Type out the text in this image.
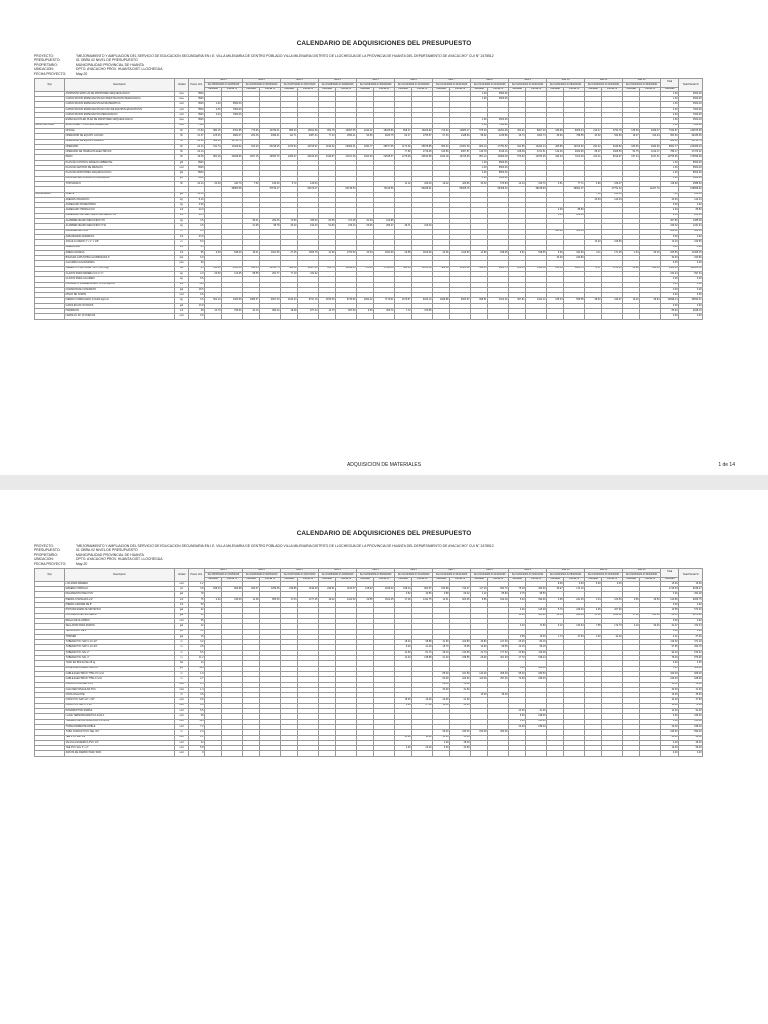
CALENDARIO DE ADQUISICIONES DEL PRESUPUESTO
PROYECTO:	"MEJORAMIENTO Y AMPLIACION DEL SERVICIO DE EDUCACION SECUNDARIA EN I.E. VILLA MILENARIA DE CENTRO POBLADO VILLA MILENARIA DISTRITO DE LLOCHEGUA DE LA PROVINCIA DE HUANTA DEL DEPARTAMENTO DE AYACUCHO" CUI N° 2478512
PRESUPUESTO:	01 OBRA 02 NIVEL DE PRESUPUESTO
PROPIETARIO:	MUNICIPALIDAD PROVINCIAL DE HUANTA
UBICACION:	DPTO. AYACUCHO PROV. HUANTA DIST. LLOCHEGUA
FECHA PROYECTO:	May-20
Tipo	Descripcion	Unidad	Precio Unit.	Mes 1		Mes 2		Mes 3		Mes 4		Mes 5		Mes 6		Mes 7		Mes 8		Mes 9		Mes 10		Mes 11		Mes 12		Total	Total Parcial S/
				Del 05/05/2020 Al 31/05/2020		Del 01/06/2020 Al 30/06/2020		Del 01/07/2020 Al 31/07/2020		Del 01/08/2020 Al 31/08/2020		Del 01/09/2020 Al 30/09/2020		Del 01/10/2020 Al 31/10/2020		Del 01/11/2020 Al 30/11/2020		Del 01/12/2020 Al 31/12/2020		Del 01/01/2021 Al 31/01/2021		Del 01/02/2021 Al 28/02/2021		Del 01/03/2021 Al 31/03/2021		Del 01/04/2021 Al 30/04/2021			
				Cantidad	Parcial S/	Cantidad	Parcial S/	Cantidad	Parcial S/	Cantidad	Parcial S/	Cantidad	Parcial S/	Cantidad	Parcial S/	Cantidad	Parcial S/	Cantidad	Parcial S/	Cantidad	Parcial S/	Cantidad	Parcial S/	Cantidad	Parcial S/	Cantidad	Parcial S/	Cantidad	
	ASISTENTE SPATLUS DE MONITOREO ARQUEOLOGICO	mes	3500															1.00	3500.00									1.00	3500.00
	CAPACITACION ESPECIALISTA EN INVESTIGACION PEDAGOGICA	mes	3500															1.00	3500.00									1.00	3500.00
	CAPACITACION ESPECIALISTA EN MATEMATICA	und	3500	1.00	3500.00																							1.00	3500.00
	CAPACITACION ESPECIALISTA EN USO DE EQUIPOS EDUCATIVOS	und	3500	2.00	7000.00																							2.00	7000.00
	CAPACITACION ESPECIALISTA PEDAGOGICO	und	3500	2.00	7000.00																							2.00	7000.00
	ESPECIALISTA EN PLAN DE MONITOREO ARQUEOLOGICO	mes	3500															1.00	3500.00									1.00	3500.00
MANO DE OBRA	MONITOREO Y CONTROL AMBIENTAL	und	7500															1.00	7500.00									1.00	7500.00
	OFICIAL	hh	17.84	380.15	6781.85	772.96	13789.61	886.30	15811.59	952.78	16997.55	1010.42	18025.89	898.37	16026.92	710.94	12683.17	575.23	10261.99	452.21	8067.40	339.98	6065.24	210.47	3754.78	135.06	2409.47	7324.87	130675.68
	OPERADOR DE EQUIPO LIVIANO	hh	21.37	125.60	2684.07	204.46	4369.31	111.71	2387.24	77.23	1650.41	94.56	2020.75	82.17	1755.97	67.33	1438.84	58.02	1239.89	49.73	1062.73	36.90	788.55	24.52	523.99	19.37	413.94	951.60	20335.69
	OPERADOR DE EQUIPO PESADO	hh	28.18	382.00	10764.76																							382.00	10764.76
	OPERARIO	hh	22.14	511.74	11329.92	913.20	20218.25	1070.64	23703.97	1196.22	26484.31	1290.77	28577.65	1173.39	25978.85	960.34	21261.93	803.14	17781.52	641.56	14204.14	465.85	10313.92	291.32	6449.82	183.60	4064.90	9501.77	210369.19
	OPERARIO DE TRABAJOS ELECTRICOS	hh	22.14											77.52	1716.29	120.50	2667.87	149.78	3316.13	168.09	3721.51	132.46	2932.66	86.07	1905.59	54.75	1212.17	789.17	17472.22
	PEON	hh	16.05	682.18	10948.99	1187.15	19053.76	1286.27	20644.63	1346.87	21617.26	1404.69	22545.27	1279.98	20543.68	1042.18	16726.99	851.12	13660.48	670.62	10763.45	493.04	7913.29	312.21	5010.97	197.34	3167.31	10753.65	172596.08
	PLAN DE CONTROL MANEJO AMBIENTAL	glb	9500															1.00	9500.00									1.00	9500.00
	PLAN DE GESTION DE RIESGOS	und	6500															1.00	6500.00									1.00	6500.00
	PLAN DE MONITOREO ARQUEOLOGICO	glb	8500															1.00	8500.00									1.00	8500.00
	PLAN DE PARTICIPACION CIUDADANA	glb	3500															1.00	3500.00									1.00	3500.00
	TOPOGRAFO	hh	22.14	20.09	444.79	7.52	166.49	5.72	126.64					11.12	246.20	19.42	429.96	30.30	670.84	14.44	319.70	3.51	77.71	4.80	106.27			116.92	2588.60
					38083.58		37579.17		62673.07		66749.53		71169.56		66268.91		55208.76		95408.32		38138.93		28091.37		17751.42		11267.79		618859.92
MATERIALES	ACEITE	gal	14.30																					7.00	100.10			7.00	100.10
	ADEMAS ORGANICO	kg	5.10																					23.93	122.04			23.93	122.04
	AGREGADO PIGMENTADO	kg	4.90																									0.00	0.00
	AGREGADO HIDRAULICO	m3	42.9																			2.00	85.80					2.00	85.80
	AGREGADO PETREO LIMPIO DE CERRO 3/4"	m3	85.5																			2.35	200.93					2.35	200.93
	ALAMBRE NEGRO RECOCIDO N°8	kg	4.5			59.21	266.45	74.80	336.60	82.55	371.48	91.30	410.85															307.86	1385.38
	ALAMBRE NEGRO RECOCIDO N°16	kg	4.5			21.95	98.78	43.20	194.40	51.80	233.10	63.66	286.47	48.71	219.20													229.32	1031.94
	ALAMBRE DE PUAS	m	0.6																			600.00	360.00					600.00	360.00
	ALBAÑILERIA CERAMICA	m2	24.9																									0.00	0.00
	ANGULO ACERO 1" x 1" x 1/8"	m	8.3																					13.20	109.56			13.20	109.56
	ARENA FINA	m3	45																									0.00	0.00
	ARENA GRUESA	m3	55	9.60	528.00	18.21	1001.55	27.45	1509.75	31.90	1754.50	33.30	1831.50	29.58	1626.90	20.36	1119.80	14.89	818.95	9.61	528.55	5.90	324.50	3.11	171.05	1.64	90.20	205.55	11305.25
	BISAGRA CAPUCHINA ALUMINIZADA 4"	par	6.9																			32.00	220.80					32.00	220.80
	CALAMINA GALVANIZADA	pza	29																									0.00	0.00
	CEMENTO PORTLAND TIPO I (42.5 kg)	bls	25	158.20	3955.00	412.55	10313.75	584.30	14607.50	655.70	16392.50	701.86	17546.50	622.06	15551.50	460.04	11501.00	344.15	8603.75	222.26	5556.50	130.59	3264.75	71.37	1784.25	36.98	924.50	4400.06	110001.50
	CLAVOS PARA MADERA C/C 2"-4"	kg	4.3	26.50	113.95	58.55	251.77	77.19	331.92																			162.24	697.64
	CLAVOS PARA CALAMINA	kg	6.5																									0.00	0.00
	CONCRETO PREMEZCLADO f'c=210 kg/cm2	m3	310																									0.00	0.00
	CURADOR DE CONCRETO	gal	18.5																									0.00	0.00
	DISCO DE CORTE	und	9.5																									0.00	0.00
	FIERRO CORRUGADO fy=4200 kg/cm2	kg	3.6	362.10	1303.56	1085.37	3907.33	1610.33	5797.19	1870.50	6733.80	1994.42	7179.91	1675.87	6033.13	1089.88	3923.57	698.51	2514.64	367.81	1324.12	155.43	559.55	68.52	246.67	19.40	69.84	10998.14	39593.31
	GASOLINA 84 OCTANOS	gal	13.9																									0.00	0.00
	HORMIGON	m3	48	14.70	705.60	20.13	966.24	18.28	877.44	13.70	657.60	9.39	450.72	7.72	370.56													83.92	4028.16
	LADRILLO KK 18 HUECOS	und	0.9																									0.00	0.00
ADQUISICION DE MATERIALES	1 de 14
CALENDARIO DE ADQUISICIONES DEL PRESUPUESTO
PROYECTO:	"MEJORAMIENTO Y AMPLIACION DEL SERVICIO DE EDUCACION SECUNDARIA EN I.E. VILLA MILENARIA DE CENTRO POBLADO VILLA MILENARIA DISTRITO DE LLOCHEGUA DE LA PROVINCIA DE HUANTA DEL DEPARTAMENTO DE AYACUCHO" CUI N° 2478512
PRESUPUESTO:	01 OBRA 02 NIVEL DE PRESUPUESTO
PROPIETARIO:	MUNICIPALIDAD PROVINCIAL DE HUANTA
UBICACION:	DPTO. AYACUCHO PROV. HUANTA DIST. LLOCHEGUA
FECHA PROYECTO:	May-20
Tipo	Descripcion	Unidad	Precio Unit.	Mes 1		Mes 2		Mes 3		Mes 4		Mes 5		Mes 6		Mes 7		Mes 8		Mes 9		Mes 10		Mes 11		Mes 12		Total	Total Parcial S/
				Del 05/05/2020 Al 31/05/2020		Del 01/06/2020 Al 30/06/2020		Del 01/07/2020 Al 31/07/2020		Del 01/08/2020 Al 31/08/2020		Del 01/09/2020 Al 30/09/2020		Del 01/10/2020 Al 31/10/2020		Del 01/11/2020 Al 30/11/2020		Del 01/12/2020 Al 31/12/2020		Del 01/01/2021 Al 31/01/2021		Del 01/02/2021 Al 28/02/2021		Del 01/03/2021 Al 31/03/2021		Del 01/04/2021 Al 30/04/2021			
				Cantidad	Parcial S/	Cantidad	Parcial S/	Cantidad	Parcial S/	Cantidad	Parcial S/	Cantidad	Parcial S/	Cantidad	Parcial S/	Cantidad	Parcial S/	Cantidad	Parcial S/	Cantidad	Parcial S/	Cantidad	Parcial S/	Cantidad	Parcial S/	Cantidad	Parcial S/	Cantidad	
	LIJA PARA MADERA	und	1.2																			8.00	9.60	5.00	6.00			13.00	15.60
	MADERA TORNILLO	p2	4.8	188.33	903.98	262.37	1259.38	249.85	1199.28	229.91	1103.57	215.92	1036.42	188.14	903.07	154.89	743.47	117.23	562.70	75.48	362.30	36.27	174.10					1718.39	8248.27
	PEGAMENTO PARA PVC	gal	78											0.52	40.56	0.89	69.42	1.10	85.80	0.75	58.50							3.26	254.28
	PIEDRA CHANCADA 1/2"	m3	75	4.20	315.00	11.38	853.50	17.03	1277.25	19.22	1441.50	20.55	1541.25	17.49	1311.75	12.31	923.25	8.56	642.00	5.20	390.00	2.95	221.25	1.34	100.50	0.66	49.50	120.89	9066.75
	PIEDRA GRANDE DE 8"	m3	50																									0.00	0.00
	PINTURA ESMALTE SINTETICO	gal	42																	3.00	126.00	5.70	239.40	4.95	207.90			13.65	573.30
	PINTURA LATEX SATINADO	gal	36																	11.20	403.20	22.34	804.24	31.90	1148.40	17.06	614.16	82.50	2970.00
	REGLA DE ALUMINIO	und	35																									0.00	0.00
	SELLADOR PARA MUROS	gal	22																	3.40	74.80	6.12	134.64	7.85	172.70	4.10	90.20	21.47	472.34
	TEKNOPORT DE 1"	pln	5.8																									0.00	0.00
	THINNER	gal	16																	0.95	15.20	1.74	27.84	1.52	24.32			4.21	67.36
	TUBERIA PVC SAP C-10 1/2"	m	3.2											18.40	58.88	31.50	100.80	39.80	127.36	26.30	84.16							116.00	371.20
	TUBERIA PVC SAP C-10 3/4"	m	4.5											9.20	41.40	15.70	70.65	19.90	89.55	13.15	59.18							57.95	260.78
	TUBERIA PVC SAL 2"	m	5.6											14.60	81.76	25.10	140.56	31.70	177.52	20.80	116.48							92.20	516.32
	TUBERIA PVC SAL 4"	m	11.2											12.40	138.88	21.30	238.56	26.90	301.28	17.70	198.24							78.30	876.96
	YESO EN BOLSA DE 28 kg	bls	14																									0.00	0.00
	ACCESORIOS ELECTRICOS	glb	380																	1.00	380.00							1.00	380.00
	CABLE ELECTRICO THW 2.5 mm2	m	1.9													85.00	161.50	140.00	266.00	95.00	180.50							320.00	608.00
	CABLE ELECTRICO THW 4 mm2	m	2.7													60.00	162.00	110.00	297.00	70.00	189.00							240.00	648.00
	CAJA OCTOGONAL PVC	und	1.5													24.00	36.00											24.00	36.00
	CAJA RECTANGULAR PVC	und	1.3													32.00	41.60											32.00	41.60
	CINTA AISLANTE	rll	3.5															10.00	35.00									10.00	35.00
	CODO PVC SAP 1/2" x 90°	und	0.9											18.00	16.20	24.00	21.60											42.00	37.80
	CODO PVC SAL 4" x 90°	und	4.6											6.00	27.60	10.00	46.00											16.00	73.60
	INTERRUPTOR SIMPLE	und	6.5																	14.00	91.00							14.00	91.00
	LLAVE TERMOMAGNETICA 2x20 A	und	28																	6.00	168.00							6.00	168.00
	TABLERO DE DISTRIBUCION 8 POLOS	und	145																	1.00	145.00							1.00	145.00
	TOMACORRIENTE DOBLE	und	7.2																	22.00	158.40							22.00	158.40
	TUBO CONDUIT PVC SEL 3/4"	m	2.4													96.00	230.40	150.00	360.00									246.00	590.40
	TEE PVC SAP 1/2"	und	1.1											10.00	11.00	14.00	15.40											24.00	26.40
	VALVULA ESFERICA PVC 1/2"	und	12													4.00	48.00											4.00	48.00
	YEE PVC SAL 4" x 2"	und	5.8											4.00	23.20	6.00	34.80											10.00	58.00
	ZAPATA DE FIERRO PARA TAPA	und	9																									0.00	0.00
